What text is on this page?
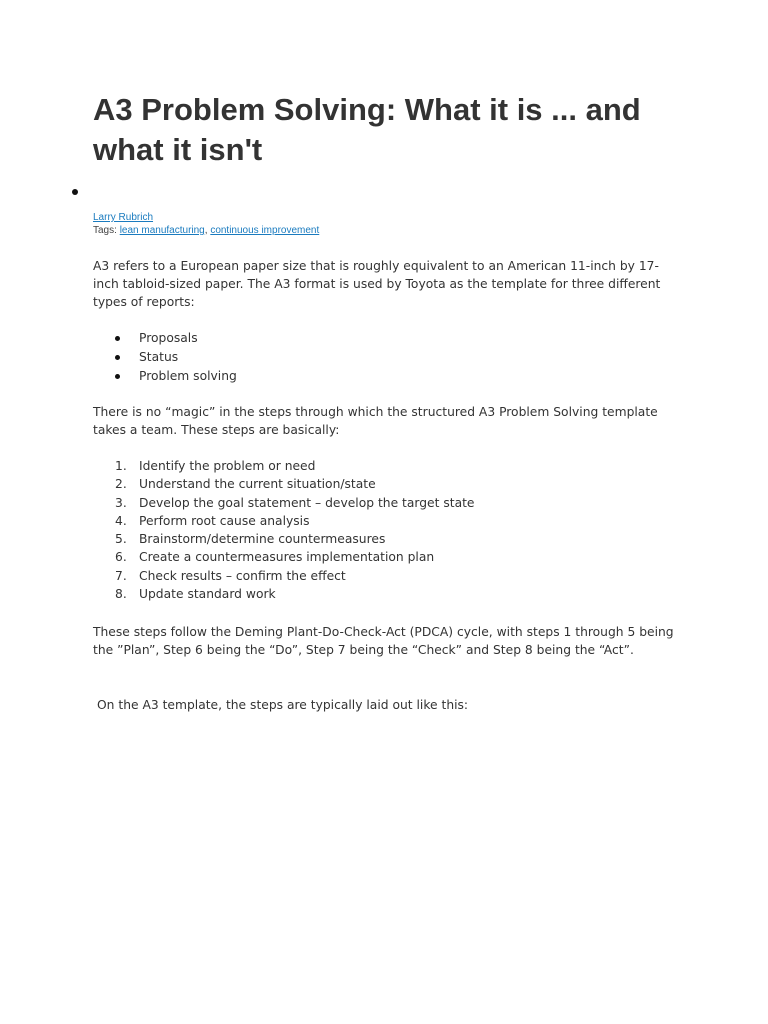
A3 Problem Solving: What it is ... and what it isn't
Larry Rubrich
Tags: lean manufacturing, continuous improvement

A3 refers to a European paper size that is roughly equivalent to an American 11-inch by 17-inch tabloid-sized paper. The A3 format is used by Toyota as the template for three different types of reports:

Proposals
Status
Problem solving

There is no “magic” in the steps through which the structured A3 Problem Solving template takes a team. These steps are basically:

1. Identify the problem or need
2. Understand the current situation/state
3. Develop the goal statement – develop the target state
4. Perform root cause analysis
5. Brainstorm/determine countermeasures
6. Create a countermeasures implementation plan
7. Check results – confirm the effect
8. Update standard work

These steps follow the Deming Plant-Do-Check-Act (PDCA) cycle, with steps 1 through 5 being the ”Plan”, Step 6 being the “Do”, Step 7 being the “Check” and Step 8 being the “Act”.

On the A3 template, the steps are typically laid out like this:
